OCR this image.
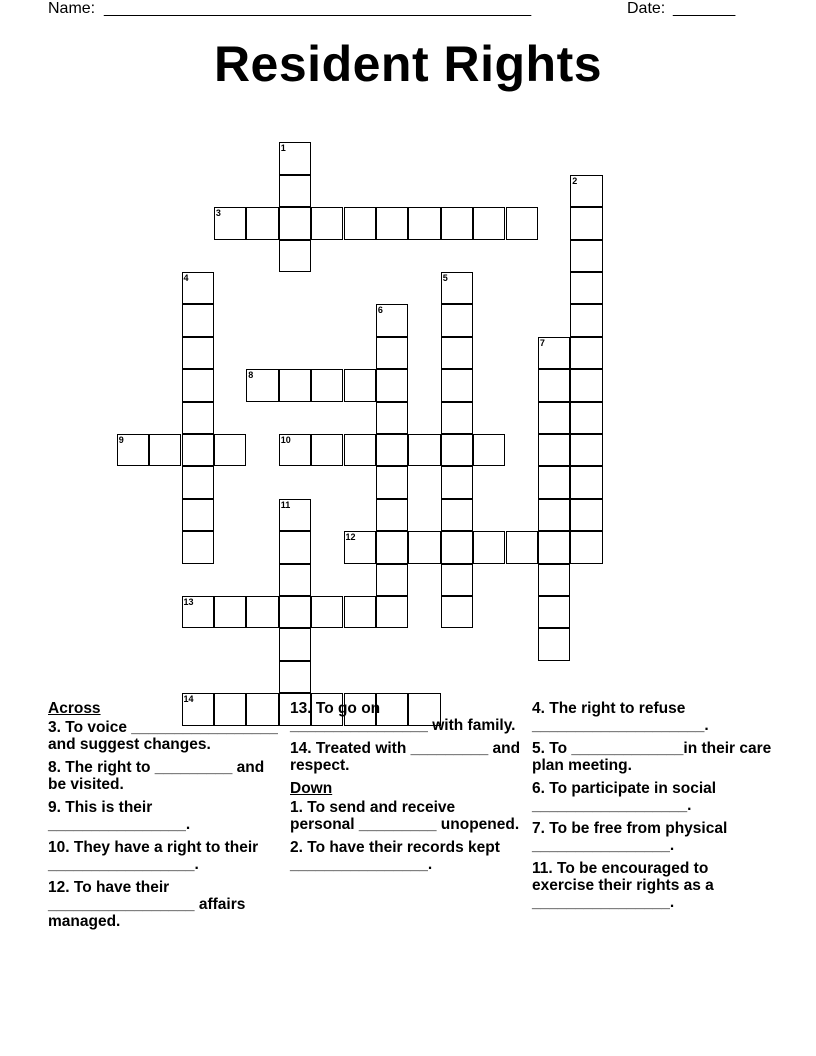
Name: ________________________________________________	Date: _______
Resident Rights
1
2
3
4	5
6
7
8
9	10
11
12
13
14
Across
3. To voice _________________ and suggest changes.
8. The right to _________ and be visited.
9. This is their ________________.
10. They have a right to their _________________.
12. To have their _________________ affairs managed.
13. To go on ________________ with family.
14. Treated with _________ and respect.
Down
1. To send and receive personal _________ unopened.
2. To have their records kept ________________.
4. The right to refuse ____________________.
5. To _____________in their care plan meeting.
6. To participate in social __________________.
7. To be free from physical ________________.
11. To be encouraged to exercise their rights as a ________________.
